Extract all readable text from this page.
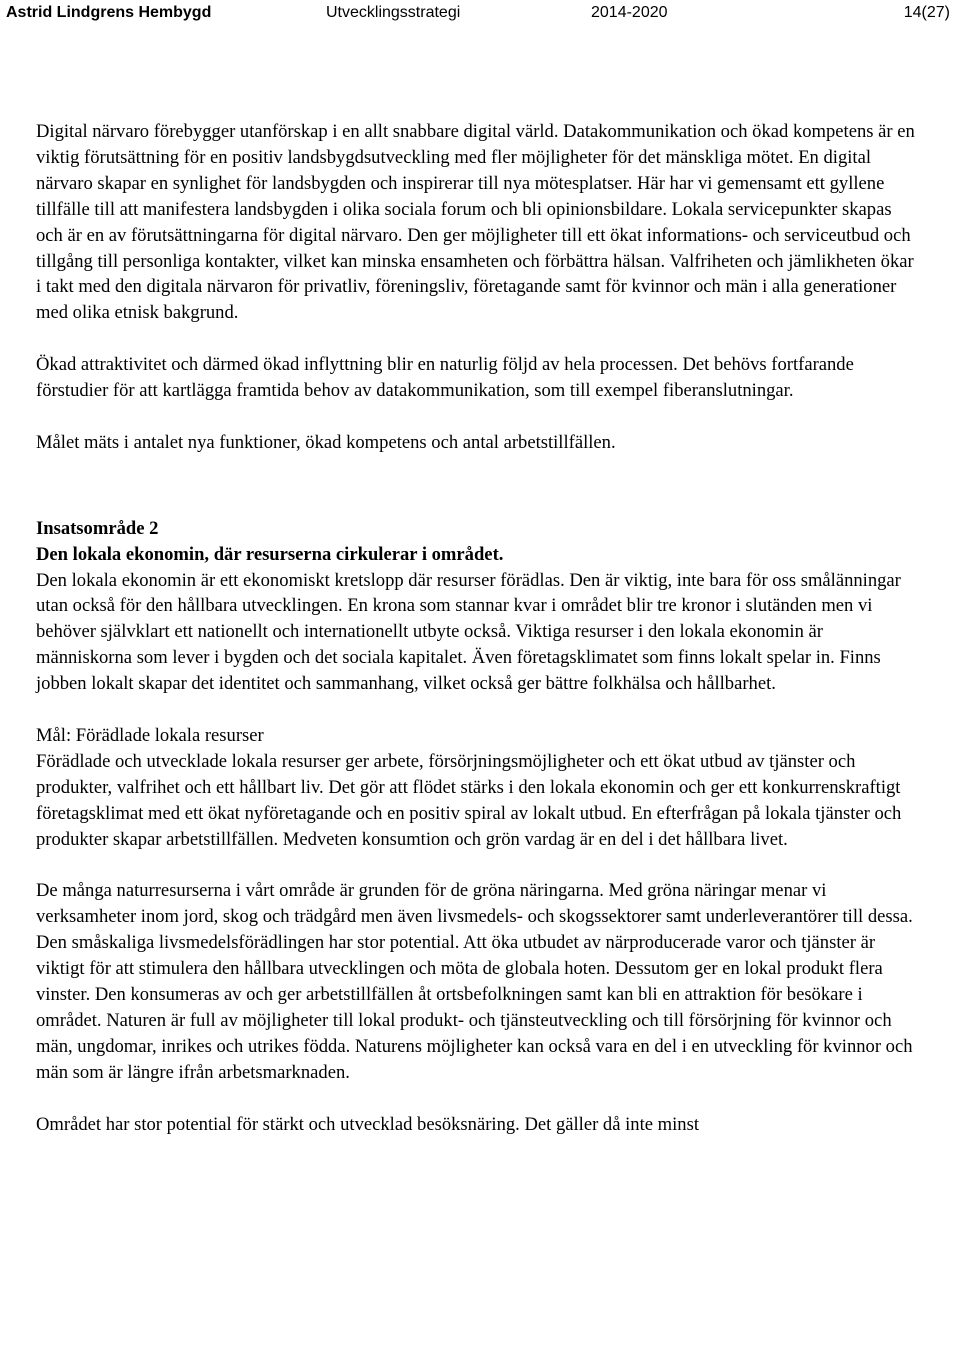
Astrid Lindgrens Hembygd	Utvecklingsstrategi	2014-2020	14(27)

Digital närvaro förebygger utanförskap i en allt snabbare digital värld. Datakommunikation och ökad kompetens är en viktig förutsättning för en positiv landsbygdsutveckling med fler möjligheter för det mänskliga mötet. En digital närvaro skapar en synlighet för landsbygden och inspirerar till nya mötesplatser. Här har vi gemensamt ett gyllene tillfälle till att manifestera landsbygden i olika sociala forum och bli opinionsbildare. Lokala servicepunkter skapas och är en av förutsättningarna för digital närvaro. Den ger möjligheter till ett ökat informations- och serviceutbud och tillgång till personliga kontakter, vilket kan minska ensamheten och förbättra hälsan. Valfriheten och jämlikheten ökar i takt med den digitala närvaron för privatliv, föreningsliv, företagande samt för kvinnor och män i alla generationer med olika etnisk bakgrund.

Ökad attraktivitet och därmed ökad inflyttning blir en naturlig följd av hela processen. Det behövs fortfarande förstudier för att kartlägga framtida behov av datakommunikation, som till exempel fiberanslutningar.

Målet mäts i antalet nya funktioner, ökad kompetens och antal arbetstillfällen.

Insatsområde 2

Den lokala ekonomin, där resurserna cirkulerar i området.

Den lokala ekonomin är ett ekonomiskt kretslopp där resurser förädlas. Den är viktig, inte bara för oss smålänningar utan också för den hållbara utvecklingen. En krona som stannar kvar i området blir tre kronor i slutänden men vi behöver självklart ett nationellt och internationellt utbyte också. Viktiga resurser i den lokala ekonomin är människorna som lever i bygden och det sociala kapitalet. Även företagsklimatet som finns lokalt spelar in. Finns jobben lokalt skapar det identitet och sammanhang, vilket också ger bättre folkhälsa och hållbarhet.

Mål: Förädlade lokala resurser

Förädlade och utvecklade lokala resurser ger arbete, försörjningsmöjligheter och ett ökat utbud av tjänster och produkter, valfrihet och ett hållbart liv. Det gör att flödet stärks i den lokala ekonomin och ger ett konkurrenskraftigt företagsklimat med ett ökat nyföretagande och en positiv spiral av lokalt utbud. En efterfrågan på lokala tjänster och produkter skapar arbetstillfällen. Medveten konsumtion och grön vardag är en del i det hållbara livet.

De många naturresurserna i vårt område är grunden för de gröna näringarna. Med gröna näringar menar vi verksamheter inom jord, skog och trädgård men även livsmedels- och skogssektorer samt underleverantörer till dessa. Den småskaliga livsmedelsförädlingen har stor potential. Att öka utbudet av närproducerade varor och tjänster är viktigt för att stimulera den hållbara utvecklingen och möta de globala hoten. Dessutom ger en lokal produkt flera vinster. Den konsumeras av och ger arbetstillfällen åt ortsbefolkningen samt kan bli en attraktion för besökare i området. Naturen är full av möjligheter till lokal produkt- och tjänsteutveckling och till försörjning för kvinnor och män, ungdomar, inrikes och utrikes födda. Naturens möjligheter kan också vara en del i en utveckling för kvinnor och män som är längre ifrån arbetsmarknaden.

Området har stor potential för stärkt och utvecklad besöksnäring. Det gäller då inte minst
